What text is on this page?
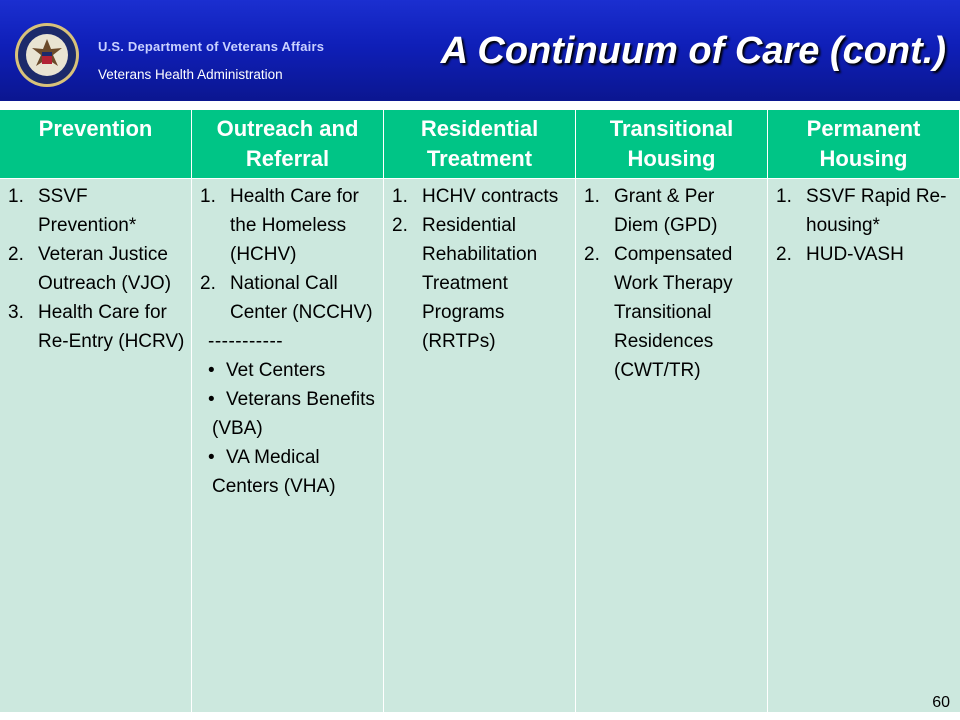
U.S. Department of Veterans Affairs
Veterans Health Administration
A Continuum of Care (cont.)
Prevention	Outreach and Referral
Residential Treatment
Transitional Housing
Permanent Housing
1. SSVF Prevention*
2. Veteran Justice Outreach (VJO)
3. Health Care for Re-Entry (HCRV)
1. Health Care for the Homeless (HCHV)
2. National Call Center (NCCHV)
-----------
• Vet Centers
• Veterans Benefits (VBA)
• VA Medical Centers (VHA)
1. HCHV contracts
2. Residential Rehabilitation Treatment Programs (RRTPs)
1. Grant & Per Diem (GPD)
2. Compensated Work Therapy Transitional Residences (CWT/TR)
1. SSVF Rapid Re-housing*
2. HUD-VASH
60
